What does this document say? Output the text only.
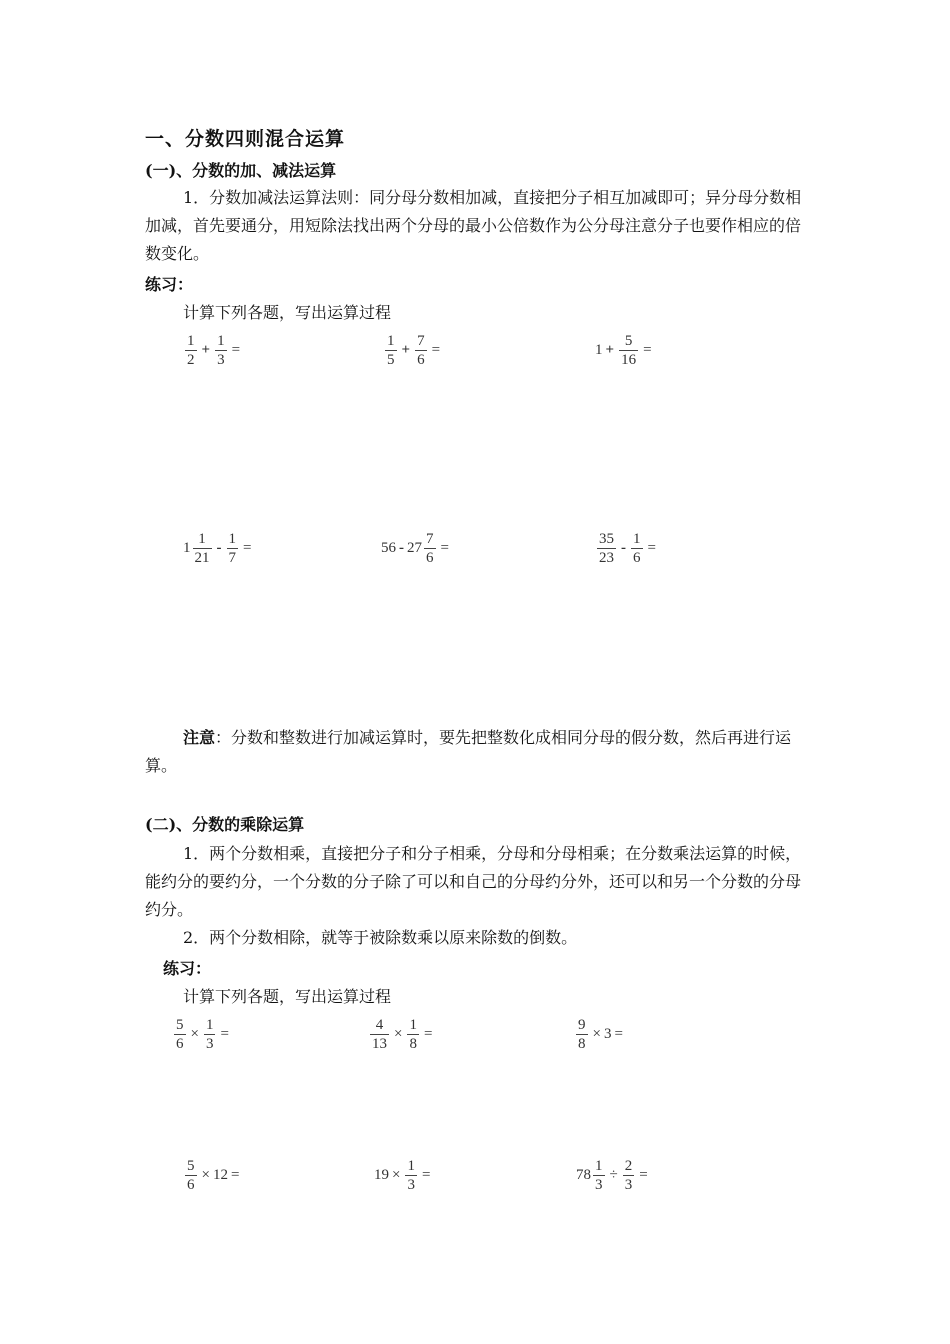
一、分数四则混合运算
(一)、分数的加、减法运算
1．分数加减法运算法则：同分母分数相加减，直接把分子相互加减即可；异分母分数相加减，首先要通分，用短除法找出两个分母的最小公倍数作为公分母注意分子也要作相应的倍数变化。
练习：
计算下列各题，写出运算过程
$\frac{1}{2} + \frac{1}{3}$ =	$\frac{1}{5} + \frac{7}{6}$ =	$1 + \frac{5}{16}$ =
$1 \frac{1}{21} - \frac{1}{7}$ =	$56 - 27 \frac{7}{6}$ =	$\frac{35}{23} - \frac{1}{6}$ =
注意：分数和整数进行加减运算时，要先把整数化成相同分母的假分数，然后再进行运算。
(二)、分数的乘除运算
1．两个分数相乘，直接把分子和分子相乘，分母和分母相乘；在分数乘法运算的时候，能约分的要约分，一个分数的分子除了可以和自己的分母约分外，还可以和另一个分数的分母约分。
2．两个分数相除，就等于被除数乘以原来除数的倒数。
练习：
计算下列各题，写出运算过程
$\frac{5}{6} \times \frac{1}{3}$ =	$\frac{4}{13} \times \frac{1}{8}$ =	$\frac{9}{8} \times 3$ =
$\frac{5}{6} \times 12$ =	$19 \times \frac{1}{3}$ =	$78 \frac{1}{3} \div \frac{2}{3}$ =
